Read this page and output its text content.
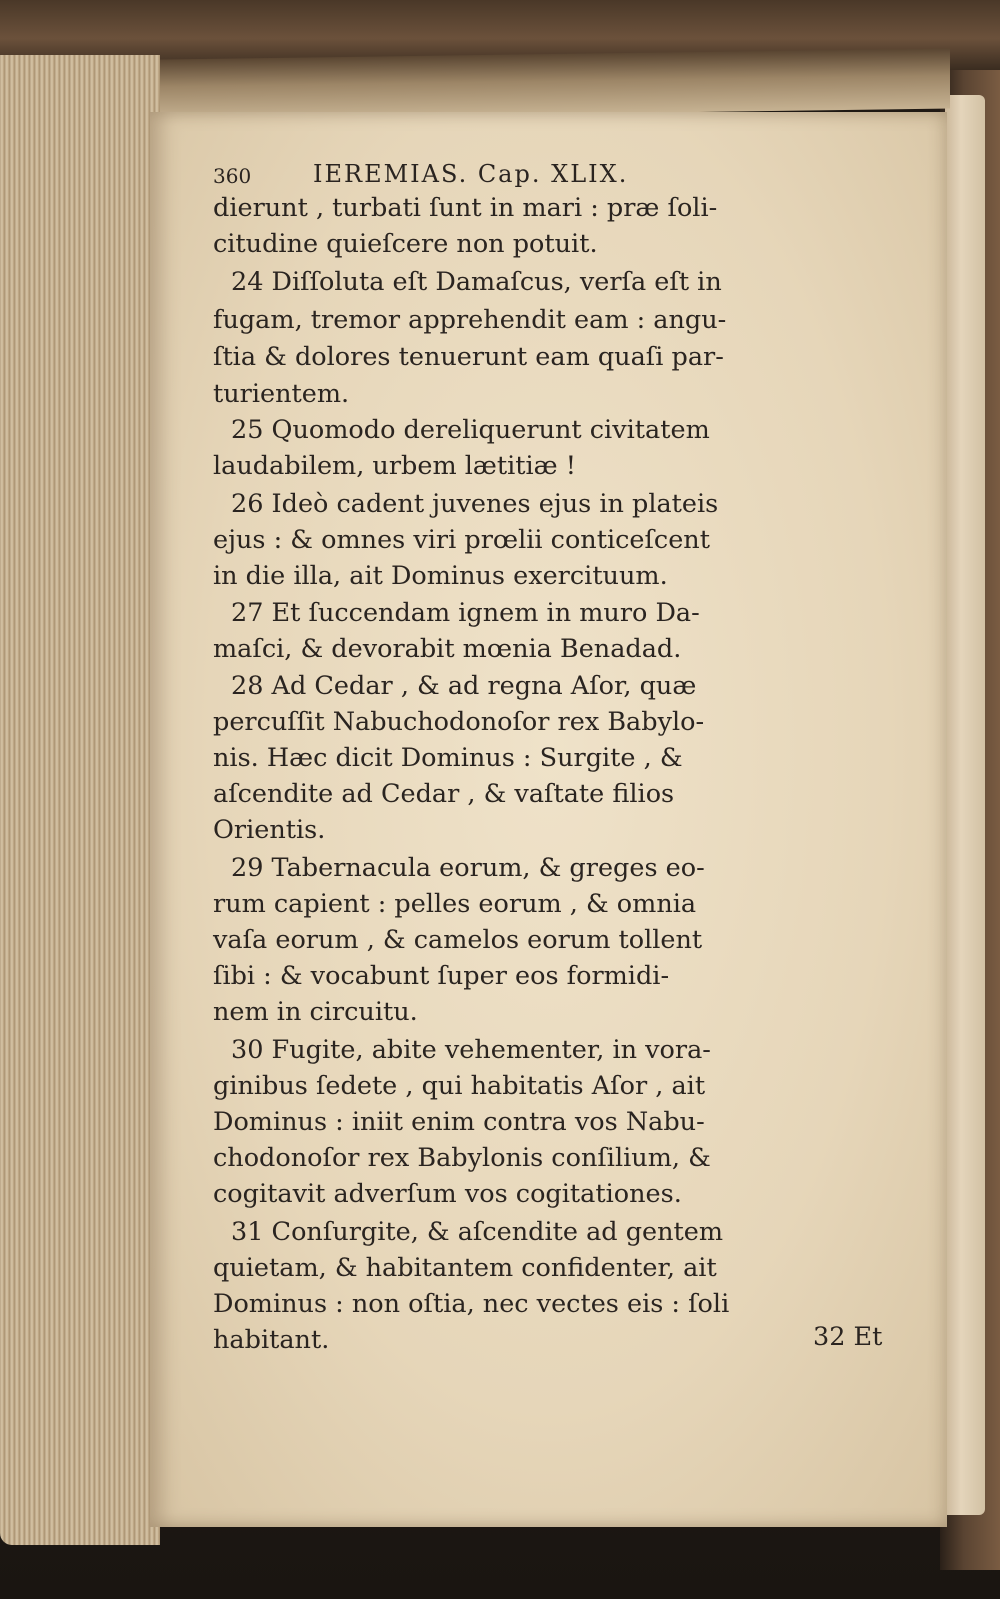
360	IEREMIAS. Cap. XLIX.
dierunt , turbati ſunt in mari : præ ſoli-
citudine quieſcere non potuit.
24 Diſſoluta eſt Damaſcus, verſa eſt in
fugam, tremor apprehendit eam : angu-
ſtia & dolores tenuerunt eam quaſi par-
turientem.
25 Quomodo dereliquerunt civitatem
laudabilem, urbem lætitiæ !
26 Ideò cadent juvenes ejus in plateis
ejus : & omnes viri prœlii conticeſcent
in die illa, ait Dominus exercituum.
27 Et ſuccendam ignem in muro Da-
maſci, & devorabit mœnia Benadad.
28 Ad Cedar , & ad regna Aſor, quæ
percuſſit Nabuchodonoſor rex Babylo-
nis. Hæc dicit Dominus : Surgite , &
aſcendite ad Cedar , & vaſtate filios
Orientis.
29 Tabernacula eorum, & greges eo-
rum capient : pelles eorum , & omnia
vaſa eorum , & camelos eorum tollent
ſibi : & vocabunt ſuper eos formidi-
nem in circuitu.
30 Fugite, abite vehementer, in vora-
ginibus ſedete , qui habitatis Aſor , ait
Dominus : iniit enim contra vos Nabu-
chodonoſor rex Babylonis conſilium, &
cogitavit adverſum vos cogitationes.
31 Conſurgite, & aſcendite ad gentem
quietam, & habitantem confidenter, ait
Dominus : non oſtia, nec vectes eis : ſoli
habitant.	32 Et
